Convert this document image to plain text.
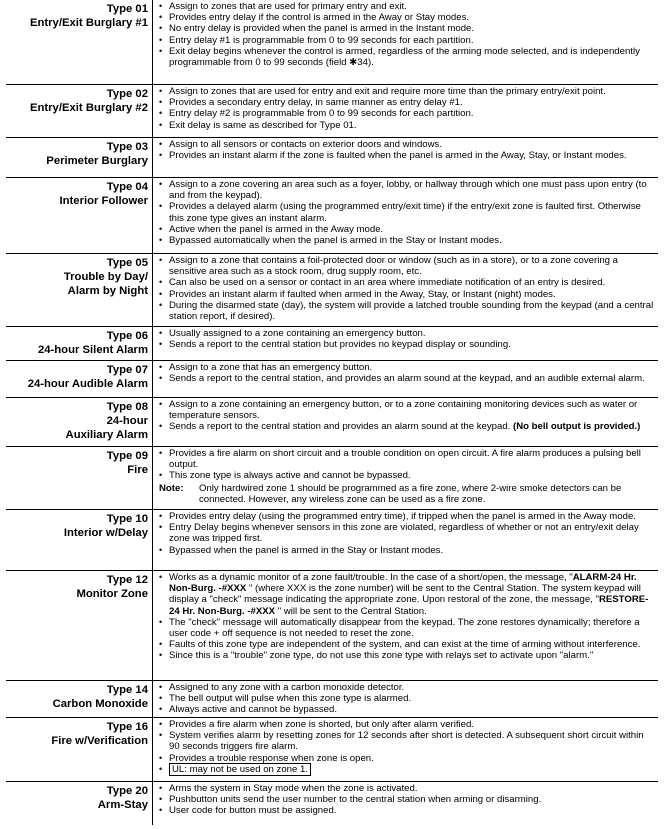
Type 01
Entry/Exit Burglary #1
• Assign to zones that are used for primary entry and exit.
• Provides entry delay if the control is armed in the Away or Stay modes.
• No entry delay is provided when the panel is armed in the Instant mode.
• Entry delay #1 is programmable from 0 to 99 seconds for each partition.
• Exit delay begins whenever the control is armed, regardless of the arming mode selected, and is independently programmable from 0 to 99 seconds (field ✱34).
Type 02
Entry/Exit Burglary #2
• Assign to zones that are used for entry and exit and require more time than the primary entry/exit point.
• Provides a secondary entry delay, in same manner as entry delay #1.
• Entry delay #2 is programmable from 0 to 99 seconds for each partition.
• Exit delay is same as described for Type 01.
Type 03
Perimeter Burglary
• Assign to all sensors or contacts on exterior doors and windows.
• Provides an instant alarm if the zone is faulted when the panel is armed in the Away, Stay, or Instant modes.
Type 04
Interior Follower
• Assign to a zone covering an area such as a foyer, lobby, or hallway through which one must pass upon entry (to and from the keypad).
• Provides a delayed alarm (using the programmed entry/exit time) if the entry/exit zone is faulted first. Otherwise this zone type gives an instant alarm.
• Active when the panel is armed in the Away mode.
• Bypassed automatically when the panel is armed in the Stay or Instant modes.
Type 05
Trouble by Day/
Alarm by Night
• Assign to a zone that contains a foil-protected door or window (such as in a store), or to a zone covering a sensitive area such as a stock room, drug supply room, etc.
• Can also be used on a sensor or contact in an area where immediate notification of an entry is desired.
• Provides an instant alarm if faulted when armed in the Away, Stay, or Instant (night) modes.
• During the disarmed state (day), the system will provide a latched trouble sounding from the keypad (and a central station report, if desired).
Type 06
24-hour Silent Alarm
• Usually assigned to a zone containing an emergency button.
• Sends a report to the central station but provides no keypad display or sounding.
Type 07
24-hour Audible Alarm
• Assign to a zone that has an emergency button.
• Sends a report to the central station, and provides an alarm sound at the keypad, and an audible external alarm.
Type 08
24-hour
Auxiliary Alarm
• Assign to a zone containing an emergency button, or to a zone containing monitoring devices such as water or temperature sensors.
• Sends a report to the central station and provides an alarm sound at the keypad. (No bell output is provided.)
Type 09
Fire
• Provides a fire alarm on short circuit and a trouble condition on open circuit. A fire alarm produces a pulsing bell output.
• This zone type is always active and cannot be bypassed.
Note:	Only hardwired zone 1 should be programmed as a fire zone, where 2-wire smoke detectors can be connected. However, any wireless zone can be used as a fire zone.
Type 10
Interior w/Delay
• Provides entry delay (using the programmed entry time), if tripped when the panel is armed in the Away mode.
• Entry Delay begins whenever sensors in this zone are violated, regardless of whether or not an entry/exit delay zone was tripped first.
• Bypassed when the panel is armed in the Stay or Instant modes.
Type 12
Monitor Zone
• Works as a dynamic monitor of a zone fault/trouble. In the case of a short/open, the message, "ALARM-24 Hr. Non-Burg. -#XXX " (where XXX is the zone number) will be sent to the Central Station. The system keypad will display a "check" message indicating the appropriate zone. Upon restoral of the zone, the message, "RESTORE-24 Hr. Non-Burg. -#XXX " will be sent to the Central Station.
• The "check" message will automatically disappear from the keypad. The zone restores dynamically; therefore a user code + off sequence is not needed to reset the zone.
• Faults of this zone type are independent of the system, and can exist at the time of arming without interference.
• Since this is a "trouble" zone type, do not use this zone type with relays set to activate upon "alarm."
Type 14
Carbon Monoxide
• Assigned to any zone with a carbon monoxide detector.
• The bell output will pulse when this zone type is alarmed.
• Always active and cannot be bypassed.
Type 16
Fire w/Verification
• Provides a fire alarm when zone is shorted, but only after alarm verified.
• System verifies alarm by resetting zones for 12 seconds after short is detected. A subsequent short circuit within 90 seconds triggers fire alarm.
• Provides a trouble response when zone is open.
•	UL: may not be used on zone 1.
Type 20
Arm-Stay
• Arms the system in Stay mode when the zone is activated.
• Pushbutton units send the user number to the central station when arming or disarming.
• User code for button must be assigned.
